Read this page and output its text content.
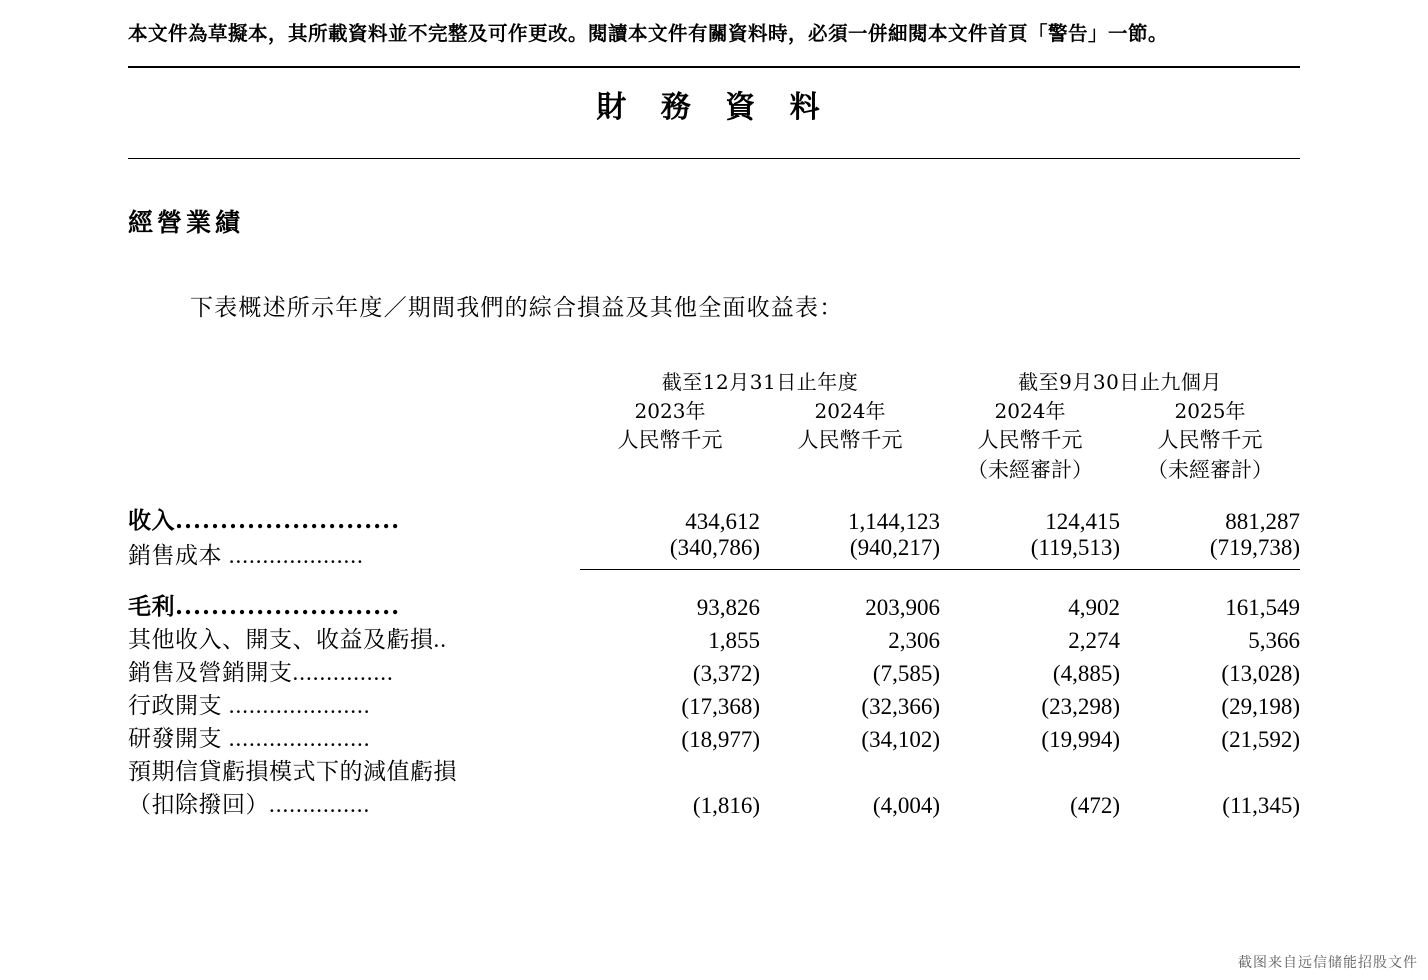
本文件為草擬本，其所載資料並不完整及可作更改。閱讀本文件有關資料時，必須一併細閱本文件首頁「警告」一節。
財 務 資 料
經營業績
下表概述所示年度／期間我們的綜合損益及其他全面收益表：
	截至12月31日止年度		截至9月30日止九個月	

	2023年	2024年	2024年	2025年

	人民幣千元	人民幣千元	人民幣千元	人民幣千元
			（未經審計）	（未經審計）

收入.........................	434,612	1,144,123	124,415	881,287
銷售成本 ....................	(340,786)	(940,217)	(119,513)	(719,738)

毛利.........................	93,826	203,906	4,902	161,549
其他收入、開支、收益及虧損..	1,855	2,306	2,274	5,366
銷售及營銷開支...............	(3,372)	(7,585)	(4,885)	(13,028)
行政開支 .....................	(17,368)	(32,366)	(23,298)	(29,198)
研發開支 .....................	(18,977)	(34,102)	(19,994)	(21,592)
預期信貸虧損模式下的減值虧損				
（扣除撥回）...............	(1,816)	(4,004)	(472)	(11,345)
截图来自远信储能招股文件
